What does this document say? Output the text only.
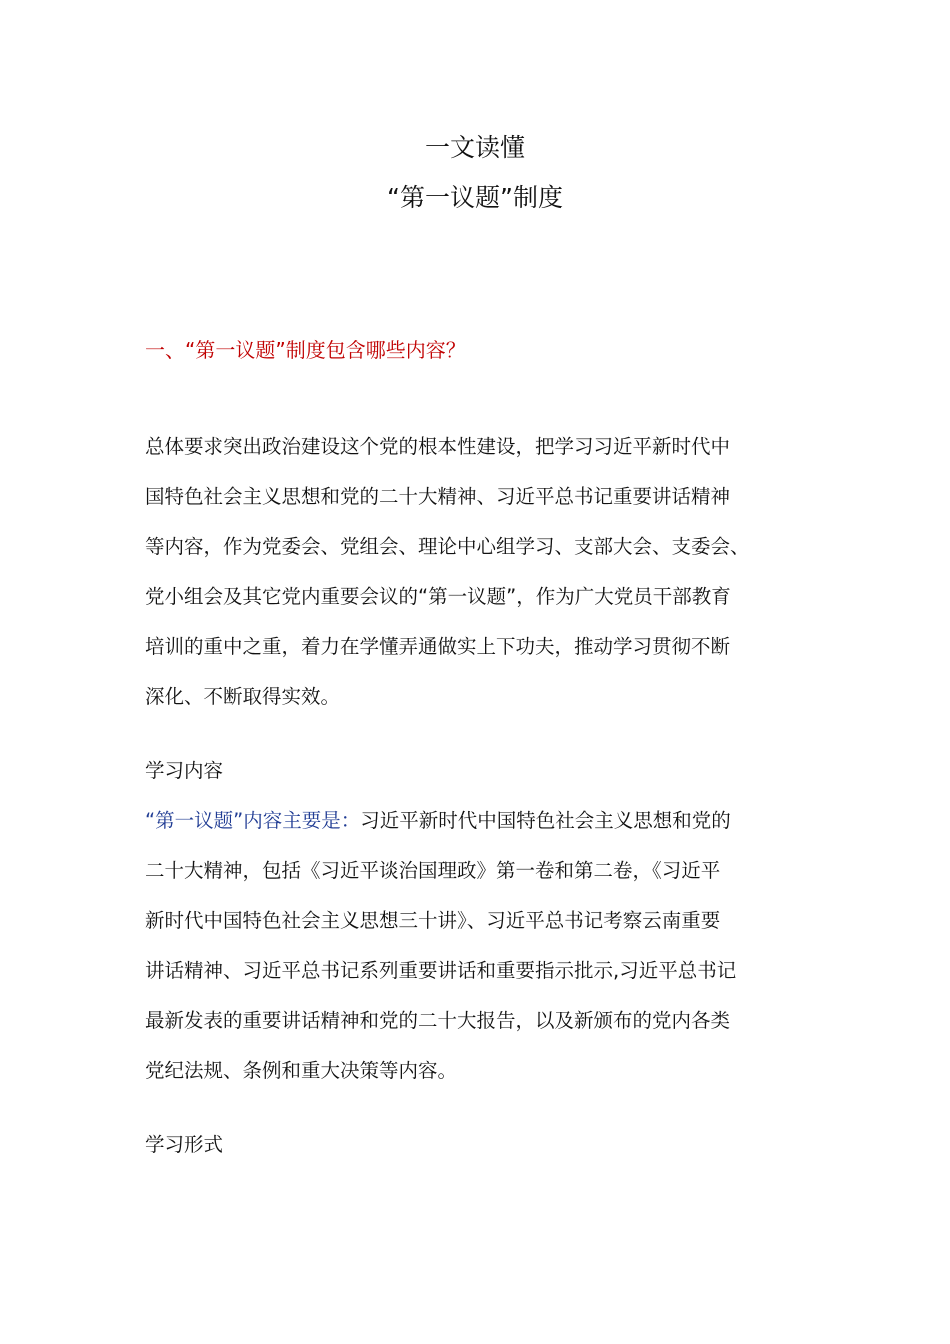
一文读懂
“第一议题”制度
一、“第一议题”制度包含哪些内容？

总体要求突出政治建设这个党的根本性建设，把学习习近平新时代中
国特色社会主义思想和党的二十大精神、习近平总书记重要讲话精神
等内容，作为党委会、党组会、理论中心组学习、支部大会、支委会、
党小组会及其它党内重要会议的“第一议题”，作为广大党员干部教育
培训的重中之重，着力在学懂弄通做实上下功夫，推动学习贯彻不断
深化、不断取得实效。

学习内容

“第一议题”内容主要是：习近平新时代中国特色社会主义思想和党的
二十大精神，包括《习近平谈治国理政》第一卷和第二卷，《习近平
新时代中国特色社会主义思想三十讲》、习近平总书记考察云南重要
讲话精神、习近平总书记系列重要讲话和重要指示批示,习近平总书记
最新发表的重要讲话精神和党的二十大报告，以及新颁布的党内各类
党纪法规、条例和重大决策等内容。

学习形式
